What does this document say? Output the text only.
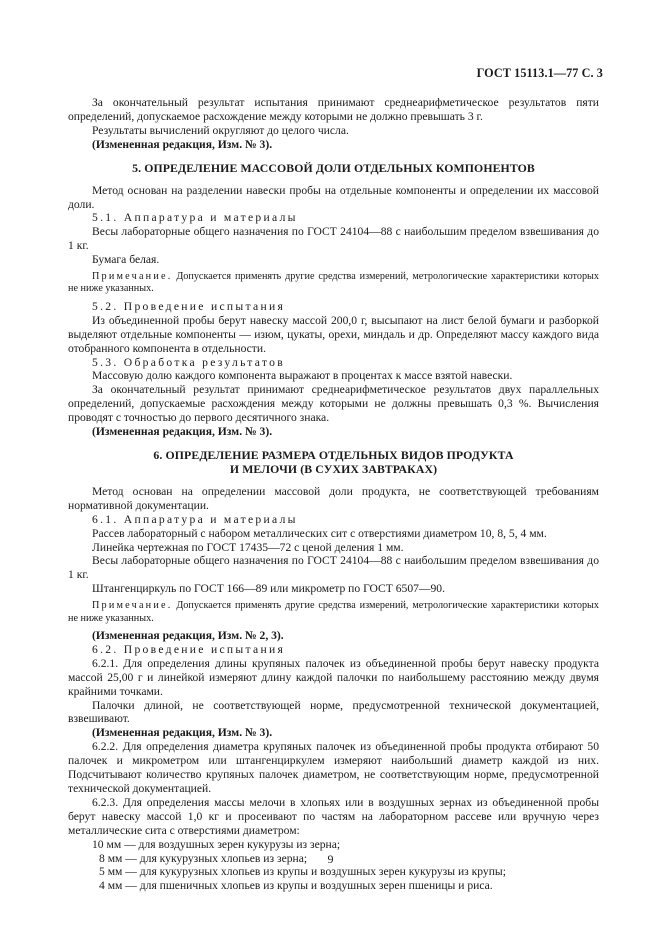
ГОСТ 15113.1—77 С. 3

За окончательный результат испытания принимают среднеарифметическое результатов пяти определений, допускаемое расхождение между которыми не должно превышать 3 г.

Результаты вычислений округляют до целого числа.

(Измененная редакция, Изм. № 3).

5. ОПРЕДЕЛЕНИЕ МАССОВОЙ ДОЛИ ОТДЕЛЬНЫХ КОМПОНЕНТОВ

Метод основан на разделении навески пробы на отдельные компоненты и определении их массовой доли.

5.1. Аппаратура и материалы

Весы лабораторные общего назначения по ГОСТ 24104—88 с наибольшим пределом взвешивания до 1 кг.

Бумага белая.

Примечание. Допускается применять другие средства измерений, метрологические характеристики которых не ниже указанных.

5.2. Проведение испытания

Из объединенной пробы берут навеску массой 200,0 г, высыпают на лист белой бумаги и разборкой выделяют отдельные компоненты — изюм, цукаты, орехи, миндаль и др. Определяют массу каждого вида отобранного компонента в отдельности.

5.3. Обработка результатов

Массовую долю каждого компонента выражают в процентах к массе взятой навески.

За окончательный результат принимают среднеарифметическое результатов двух параллельных определений, допускаемые расхождения между которыми не должны превышать 0,3 %. Вычисления проводят с точностью до первого десятичного знака.

(Измененная редакция, Изм. № 3).

6. ОПРЕДЕЛЕНИЕ РАЗМЕРА ОТДЕЛЬНЫХ ВИДОВ ПРОДУКТА
И МЕЛОЧИ (В СУХИХ ЗАВТРАКАХ)

Метод основан на определении массовой доли продукта, не соответствующей требованиям нормативной документации.

6.1. Аппаратура и материалы

Рассев лабораторный с набором металлических сит с отверстиями диаметром 10, 8, 5, 4 мм.

Линейка чертежная по ГОСТ 17435—72 с ценой деления 1 мм.

Весы лабораторные общего назначения по ГОСТ 24104—88 с наибольшим пределом взвешивания до 1 кг.

Штангенциркуль по ГОСТ 166—89 или микрометр по ГОСТ 6507—90.

Примечание. Допускается применять другие средства измерений, метрологические характеристики которых не ниже указанных.

(Измененная редакция, Изм. № 2, 3).

6.2. Проведение испытания

6.2.1. Для определения длины крупяных палочек из объединенной пробы берут навеску продукта массой 25,00 г и линейкой измеряют длину каждой палочки по наибольшему расстоянию между двумя крайними точками.

Палочки длиной, не соответствующей норме, предусмотренной технической документацией, взвешивают.

(Измененная редакция, Изм. № 3).

6.2.2. Для определения диаметра крупяных палочек из объединенной пробы продукта отбирают 50 палочек и микрометром или штангенциркулем измеряют наибольший диаметр каждой из них. Подсчитывают количество крупяных палочек диаметром, не соответствующим норме, предусмотренной технической документацией.

6.2.3. Для определения массы мелочи в хлопьях или в воздушных зернах из объединенной пробы берут навеску массой 1,0 кг и просеивают по частям на лабораторном рассеве или вручную через металлические сита с отверстиями диаметром:

10 мм — для воздушных зерен кукурузы из зерна;

8 мм — для кукурузных хлопьев из зерна;

5 мм — для кукурузных хлопьев из крупы и воздушных зерен кукурузы из крупы;

4 мм — для пшеничных хлопьев из крупы и воздушных зерен пшеницы и риса.

9
